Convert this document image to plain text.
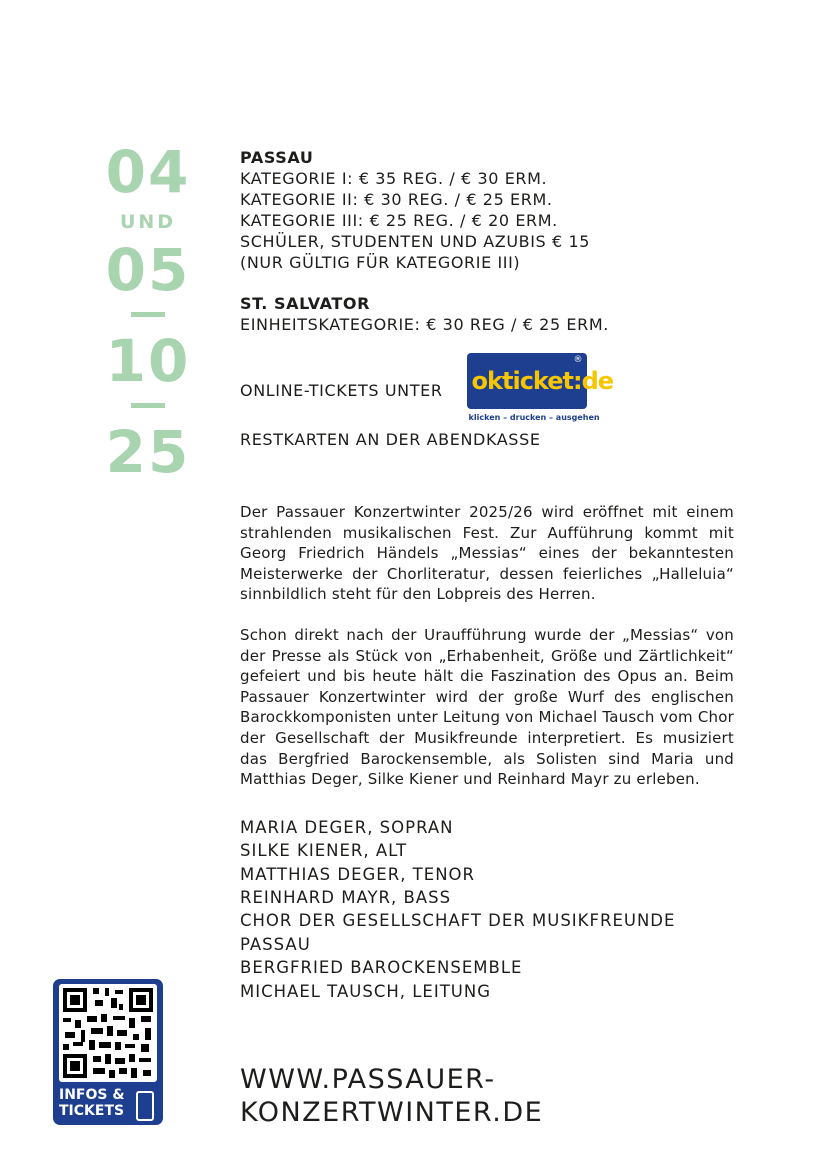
04
UND
05
10
25
PASSAU
KATEGORIE I: € 35 REG. / € 30 ERM.
KATEGORIE II: € 30 REG. / € 25 ERM.
KATEGORIE III: € 25 REG. / € 20 ERM.
SCHÜLER, STUDENTEN UND AZUBIS € 15
(NUR GÜLTIG FÜR KATEGORIE III)
ST. SALVATOR
EINHEITSKATEGORIE: € 30 REG / € 25 ERM.
ONLINE-TICKETS UNTER okticket:de
®
klicken – drucken – ausgehen
RESTKARTEN AN DER ABENDKASSE

Der Passauer Konzertwinter 2025/26 wird eröffnet mit einem strahlenden musikalischen Fest. Zur Aufführung kommt mit Georg Friedrich Händels „Messias“ eines der bekanntesten Meisterwerke der Chorliteratur, dessen feierliches „Halleluia“ sinnbildlich steht für den Lobpreis des Herren.

Schon direkt nach der Uraufführung wurde der „Messias“ von der Presse als Stück von „Erhabenheit, Größe und Zärtlichkeit“ gefeiert und bis heute hält die Faszination des Opus an. Beim Passauer Konzertwinter wird der große Wurf des englischen Barockkomponisten unter Leitung von Michael Tausch vom Chor der Gesellschaft der Musikfreunde interpretiert. Es musiziert das Bergfried Barockensemble, als Solisten sind Maria und Matthias Deger, Silke Kiener und Reinhard Mayr zu erleben.

MARIA DEGER, SOPRAN
SILKE KIENER, ALT
MATTHIAS DEGER, TENOR
REINHARD MAYR, BASS
CHOR DER GESELLSCHAFT DER MUSIKFREUNDE
PASSAU
BERGFRIED BAROCKENSEMBLE
MICHAEL TAUSCH, LEITUNG
WWW.PASSAUER-
KONZERTWINTER.DE
INFOS &
TICKETS
